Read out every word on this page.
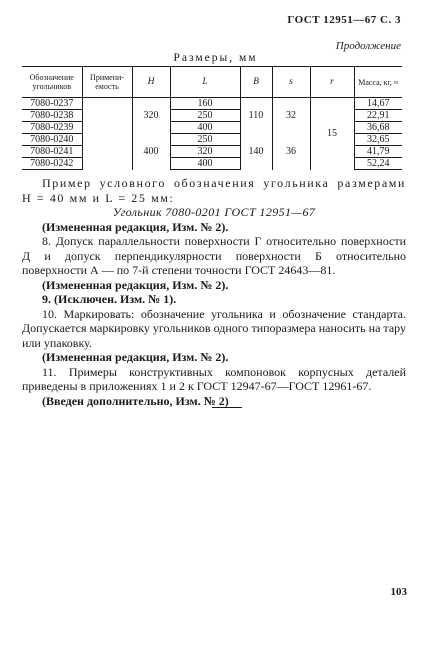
ГОСТ 12951—67 С. 3
Продолжение
Размеры, мм
Обозначение угольников	Примениемость	H	L	B	s	r	Масса, кг, ≈
7080-0237		320	160	110	32	15	14,67
7080-0238			250				22,91
7080-0239			400				36,68
7080-0240		400	250	140	36		32,65
7080-0241			320				41,79
7080-0242			400				52,24

Пример условного обозначения угольника размерами H = 40 мм и L = 25 мм:

Угольник 7080-0201 ГОСТ 12951—67

(Измененная редакция, Изм. № 2).

8. Допуск параллельности поверхности Г относительно поверхности Д и допуск перпендикулярности поверхности Б относительно поверхности А — по 7-й степени точности ГОСТ 24643—81.

(Измененная редакция, Изм. № 2).

9. (Исключен. Изм. № 1).

10. Маркировать: обозначение угольника и обозначение стандарта. Допускается маркировку угольников одного типоразмера наносить на тару или упаковку.

(Измененная редакция, Изм. № 2).

11. Примеры конструктивных компоновок корпусных деталей приведены в приложениях 1 и 2 к ГОСТ 12947-67—ГОСТ 12961-67.

(Введен дополнительно, Изм. № 2)

103
